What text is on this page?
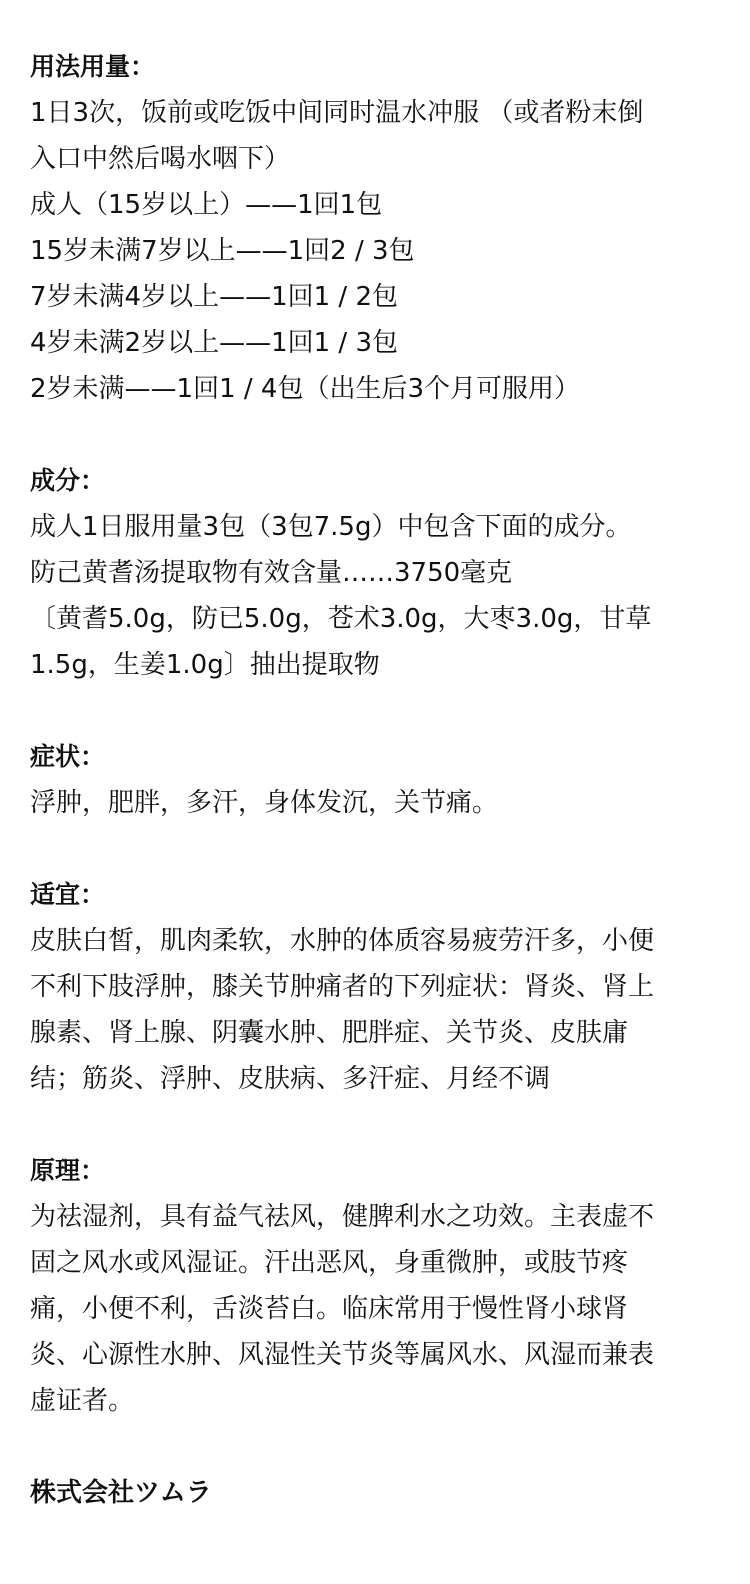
用法用量：

1日3次，饭前或吃饭中间同时温水冲服 （或者粉末倒

入口中然后喝水咽下）

成人（15岁以上）——1回1包

15岁未满7岁以上——1回2 / 3包

7岁未满4岁以上——1回1 / 2包

4岁未满2岁以上——1回1 / 3包

2岁未满——1回1 / 4包（出生后3个月可服用）

成分：

成人1日服用量3包（3包7.5g）中包含下面的成分。

防己黄耆汤提取物有效含量……3750毫克

〔黄耆5.0g，防已5.0g，苍术3.0g，大枣3.0g，甘草

1.5g，生姜1.0g〕抽出提取物

症状：

浮肿，肥胖，多汗，身体发沉，关节痛。

适宜：

皮肤白皙，肌肉柔软，水肿的体质容易疲劳汗多，小便

不利下肢浮肿，膝关节肿痛者的下列症状：肾炎、肾上

腺素、肾上腺、阴囊水肿、肥胖症、关节炎、皮肤庸

结；筋炎、浮肿、皮肤病、多汗症、月经不调

原理：

为祛湿剂，具有益气祛风，健脾利水之功效。主表虚不

固之风水或风湿证。汗出恶风，身重微肿，或肢节疼

痛，小便不利，舌淡苔白。临床常用于慢性肾小球肾

炎、心源性水肿、风湿性关节炎等属风水、风湿而兼表

虚证者。

株式会社ツムラ
